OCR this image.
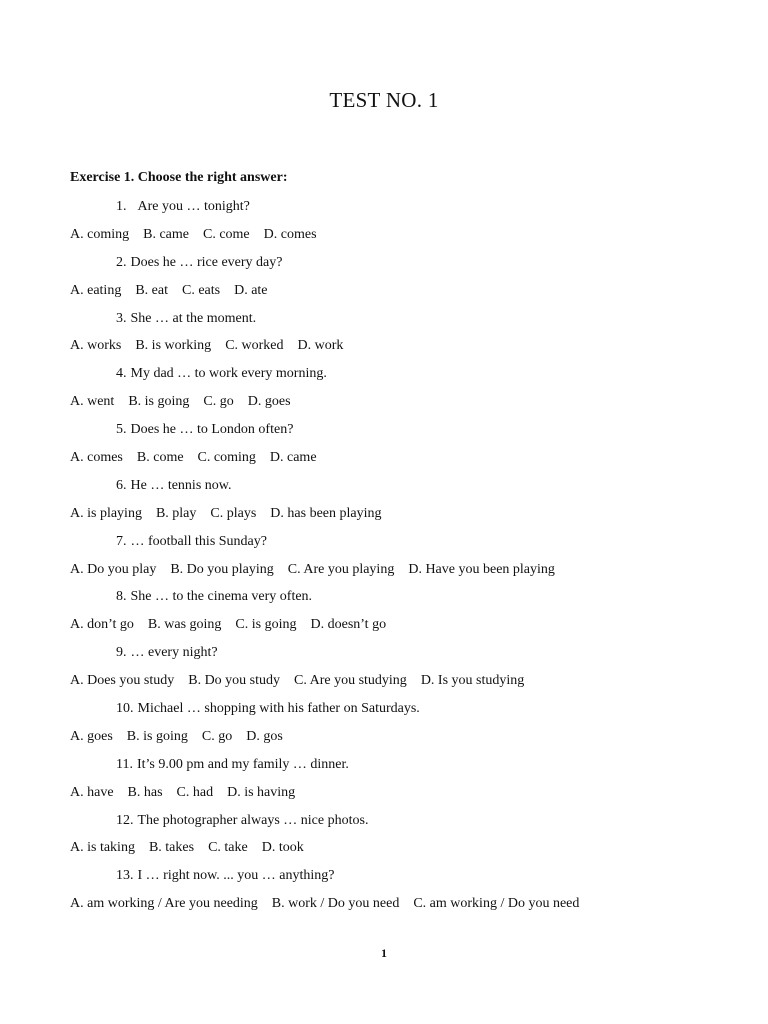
TEST NO. 1
Exercise 1. Choose the right answer:
1. Are you … tonight?
A. coming B. came C. come D. comes
2. Does he … rice every day?
A. eating B. eat C. eats D. ate
3. She … at the moment.
A. works B. is working C. worked D. work
4. My dad … to work every morning.
A. went B. is going C. go D. goes
5. Does he … to London often?
A. comes B. come C. coming D. came
6. He … tennis now.
A. is playing B. play C. plays D. has been playing
7. … football this Sunday?
A. Do you play B. Do you playing C. Are you playing D. Have you been playing
8. She … to the cinema very often.
A. don’t go B. was going C. is going D. doesn’t go
9. … every night?
A. Does you study B. Do you study C. Are you studying D. Is you studying
10. Michael … shopping with his father on Saturdays.
A. goes B. is going C. go D. gos
11. It’s 9.00 pm and my family … dinner.
A. have B. has C. had D. is having
12. The photographer always … nice photos.
A. is taking B. takes C. take D. took
13. I … right now. ... you … anything?
A. am working / Are you needing B. work / Do you need C. am working / Do you need
1
